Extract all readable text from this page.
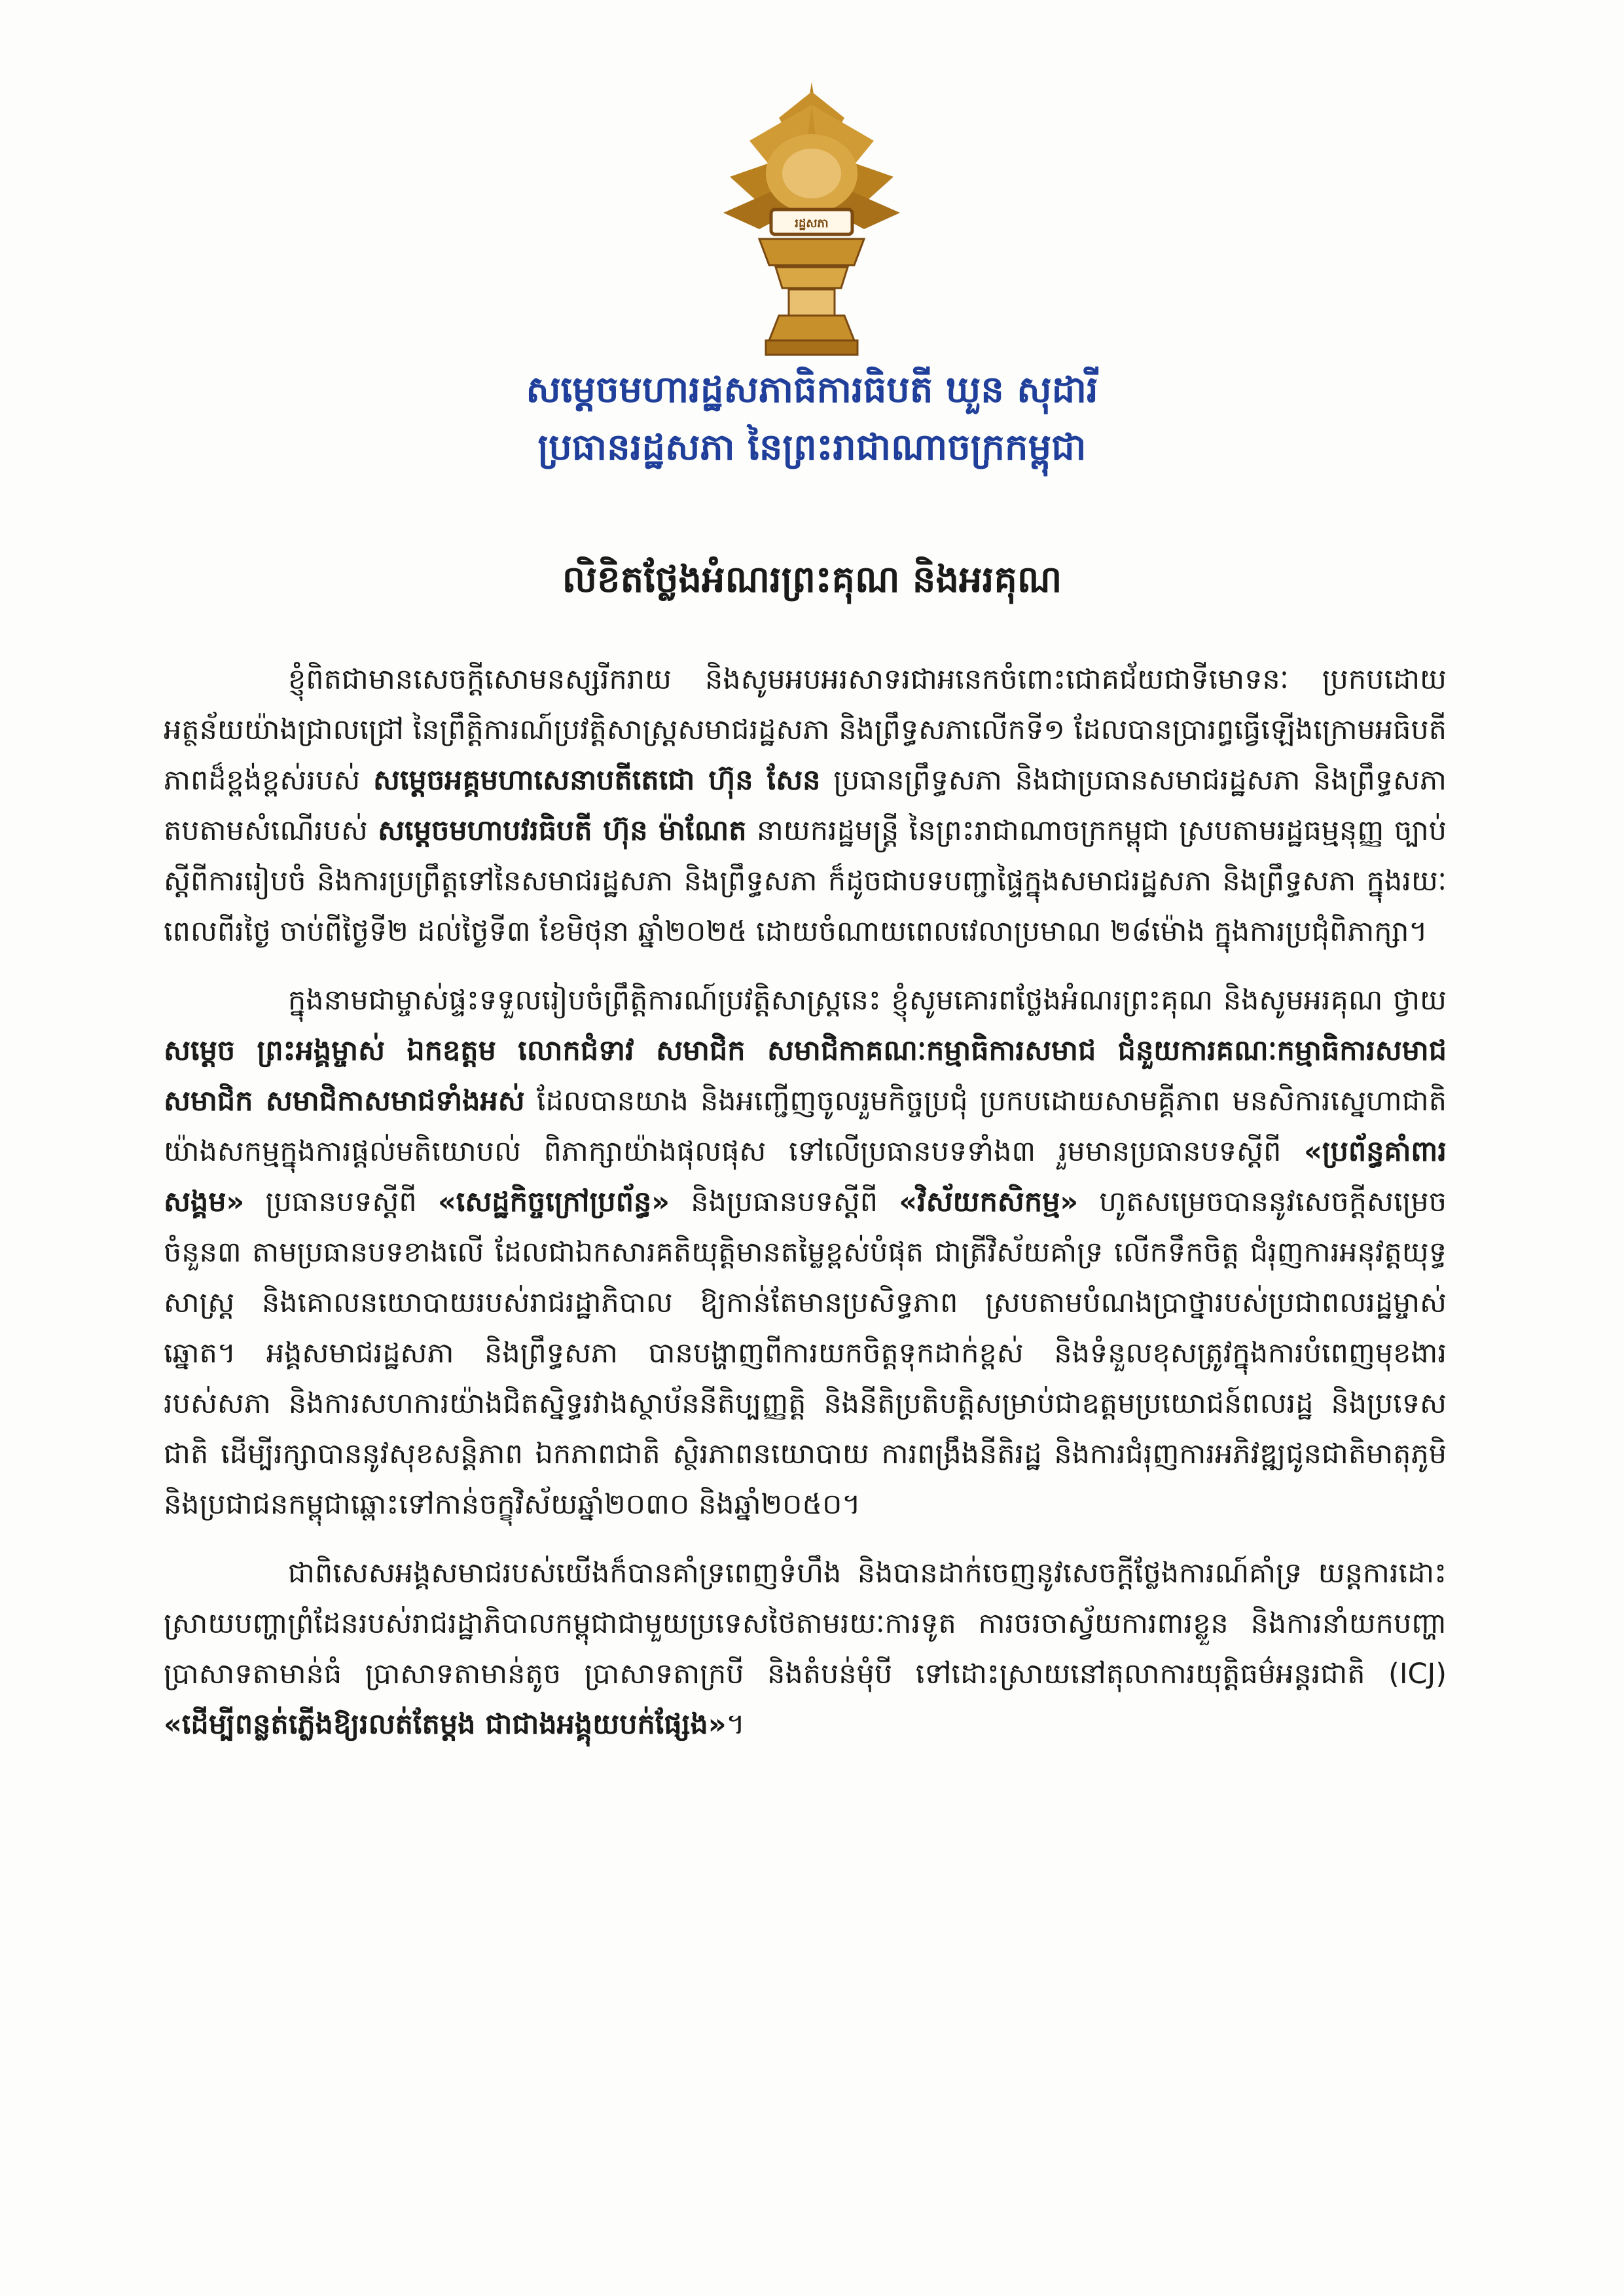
រដ្ឋសភា
សម្តេចមហារដ្ឋសភាធិការធិបតី ឃួន សុដារី
ប្រធានរដ្ឋសភា នៃព្រះរាជាណាចក្រកម្ពុជា
លិខិតថ្លែងអំណរព្រះគុណ និងអរគុណ

ខ្ញុំពិតជាមានសេចក្តីសោមនស្សរីករាយ និងសូមអបអរសាទរជាអនេកចំពោះជោគជ័យជាទីមោទនៈ ប្រកបដោយអត្ថន័យយ៉ាងជ្រាលជ្រៅ នៃព្រឹត្តិការណ៍ប្រវត្តិសាស្ត្រសមាជរដ្ឋសភា និងព្រឹទ្ធសភាលើកទី១ ដែលបានប្រារព្ធធ្វើឡើងក្រោមអធិបតីភាពដ៏ខ្ពង់ខ្ពស់របស់ សម្តេចអគ្គមហាសេនាបតីតេជោ ហ៊ុន សែន ប្រធានព្រឹទ្ធសភា និងជាប្រធានសមាជរដ្ឋសភា និងព្រឹទ្ធសភា តបតាមសំណើរបស់ សម្តេចមហាបវរធិបតី ហ៊ុន ម៉ាណែត នាយករដ្ឋមន្ត្រី នៃព្រះរាជាណាចក្រកម្ពុជា ស្របតាមរដ្ឋធម្មនុញ្ញ ច្បាប់ស្តីពីការរៀបចំ និងការប្រព្រឹត្តទៅនៃសមាជរដ្ឋសភា និងព្រឹទ្ធសភា ក៏ដូចជាបទបញ្ជាផ្ទៃក្នុងសមាជរដ្ឋសភា និងព្រឹទ្ធសភា ក្នុងរយៈពេលពីរថ្ងៃ ចាប់ពីថ្ងៃទី២ ដល់ថ្ងៃទី៣ ខែមិថុនា ឆ្នាំ២០២៥ ដោយចំណាយពេលវេលាប្រមាណ ២៨ម៉ោង ក្នុងការប្រជុំពិភាក្សា។

ក្នុងនាមជាម្ចាស់ផ្ទះទទួលរៀបចំព្រឹត្តិការណ៍ប្រវត្តិសាស្ត្រនេះ ខ្ញុំសូមគោរពថ្លែងអំណរព្រះគុណ និងសូមអរគុណ ថ្វាយសម្តេច ព្រះអង្គម្ចាស់ ឯកឧត្តម លោកជំទាវ សមាជិក សមាជិកាគណៈកម្មាធិការសមាជ ជំនួយការគណៈកម្មាធិការសមាជ សមាជិក សមាជិកាសមាជទាំងអស់ ដែលបានយាង និងអញ្ជើញចូលរួមកិច្ចប្រជុំ ប្រកបដោយសាមគ្គីភាព មនសិការស្នេហាជាតិ យ៉ាងសកម្មក្នុងការផ្តល់មតិយោបល់ ពិភាក្សាយ៉ាងផុលផុស ទៅលើប្រធានបទទាំង៣ រួមមានប្រធានបទស្តីពី «ប្រព័ន្ធគាំពារសង្គម» ប្រធានបទស្តីពី «សេដ្ឋកិច្ចក្រៅប្រព័ន្ធ» និងប្រធានបទស្តីពី «វិស័យកសិកម្ម» ហូតសម្រេចបាននូវសេចក្តីសម្រេចចំនួន៣ តាមប្រធានបទខាងលើ ដែលជាឯកសារគតិយុត្តិមានតម្លៃខ្ពស់បំផុត ជាត្រីវិស័យគាំទ្រ លើកទឹកចិត្ត ជំរុញការអនុវត្តយុទ្ធសាស្ត្រ និងគោលនយោបាយរបស់រាជរដ្ឋាភិបាល ឱ្យកាន់តែមានប្រសិទ្ធភាព ស្របតាមបំណងប្រាថ្នារបស់ប្រជាពលរដ្ឋម្ចាស់ឆ្នោត។ អង្គសមាជរដ្ឋសភា និងព្រឹទ្ធសភា បានបង្ហាញពីការយកចិត្តទុកដាក់ខ្ពស់ និងទំនួលខុសត្រូវក្នុងការបំពេញមុខងាររបស់សភា និងការសហការយ៉ាងជិតស្និទ្ធរវាងស្ថាប័ននីតិប្បញ្ញត្តិ និងនីតិប្រតិបត្តិសម្រាប់ជាឧត្តមប្រយោជន៍ពលរដ្ឋ និងប្រទេសជាតិ ដើម្បីរក្សាបាននូវសុខសន្តិភាព ឯកភាពជាតិ ស្ថិរភាពនយោបាយ ការពង្រឹងនីតិរដ្ឋ និងការជំរុញការអភិវឌ្ឍជូនជាតិមាតុភូមិ និងប្រជាជនកម្ពុជាឆ្ពោះទៅកាន់ចក្ខុវិស័យឆ្នាំ២០៣០ និងឆ្នាំ២០៥០។

ជាពិសេសអង្គសមាជរបស់យើងក៏បានគាំទ្រពេញទំហឹង និងបានដាក់ចេញនូវសេចក្តីថ្លែងការណ៍គាំទ្រ យន្តការដោះស្រាយបញ្ហាព្រំដែនរបស់រាជរដ្ឋាភិបាលកម្ពុជាជាមួយប្រទេសថៃតាមរយៈការទូត ការចរចាស្វ័យការពារខ្លួន និងការនាំយកបញ្ហាប្រាសាទតាមាន់ធំ ប្រាសាទតាមាន់តូច ប្រាសាទតាក្របី និងតំបន់មុំបី ទៅដោះស្រាយនៅតុលាការយុត្តិធម៌អន្តរជាតិ (ICJ) «ដើម្បីពន្លត់ភ្លើងឱ្យរលត់តែម្តង ជាជាងអង្គុយបក់ផ្សែង»។
